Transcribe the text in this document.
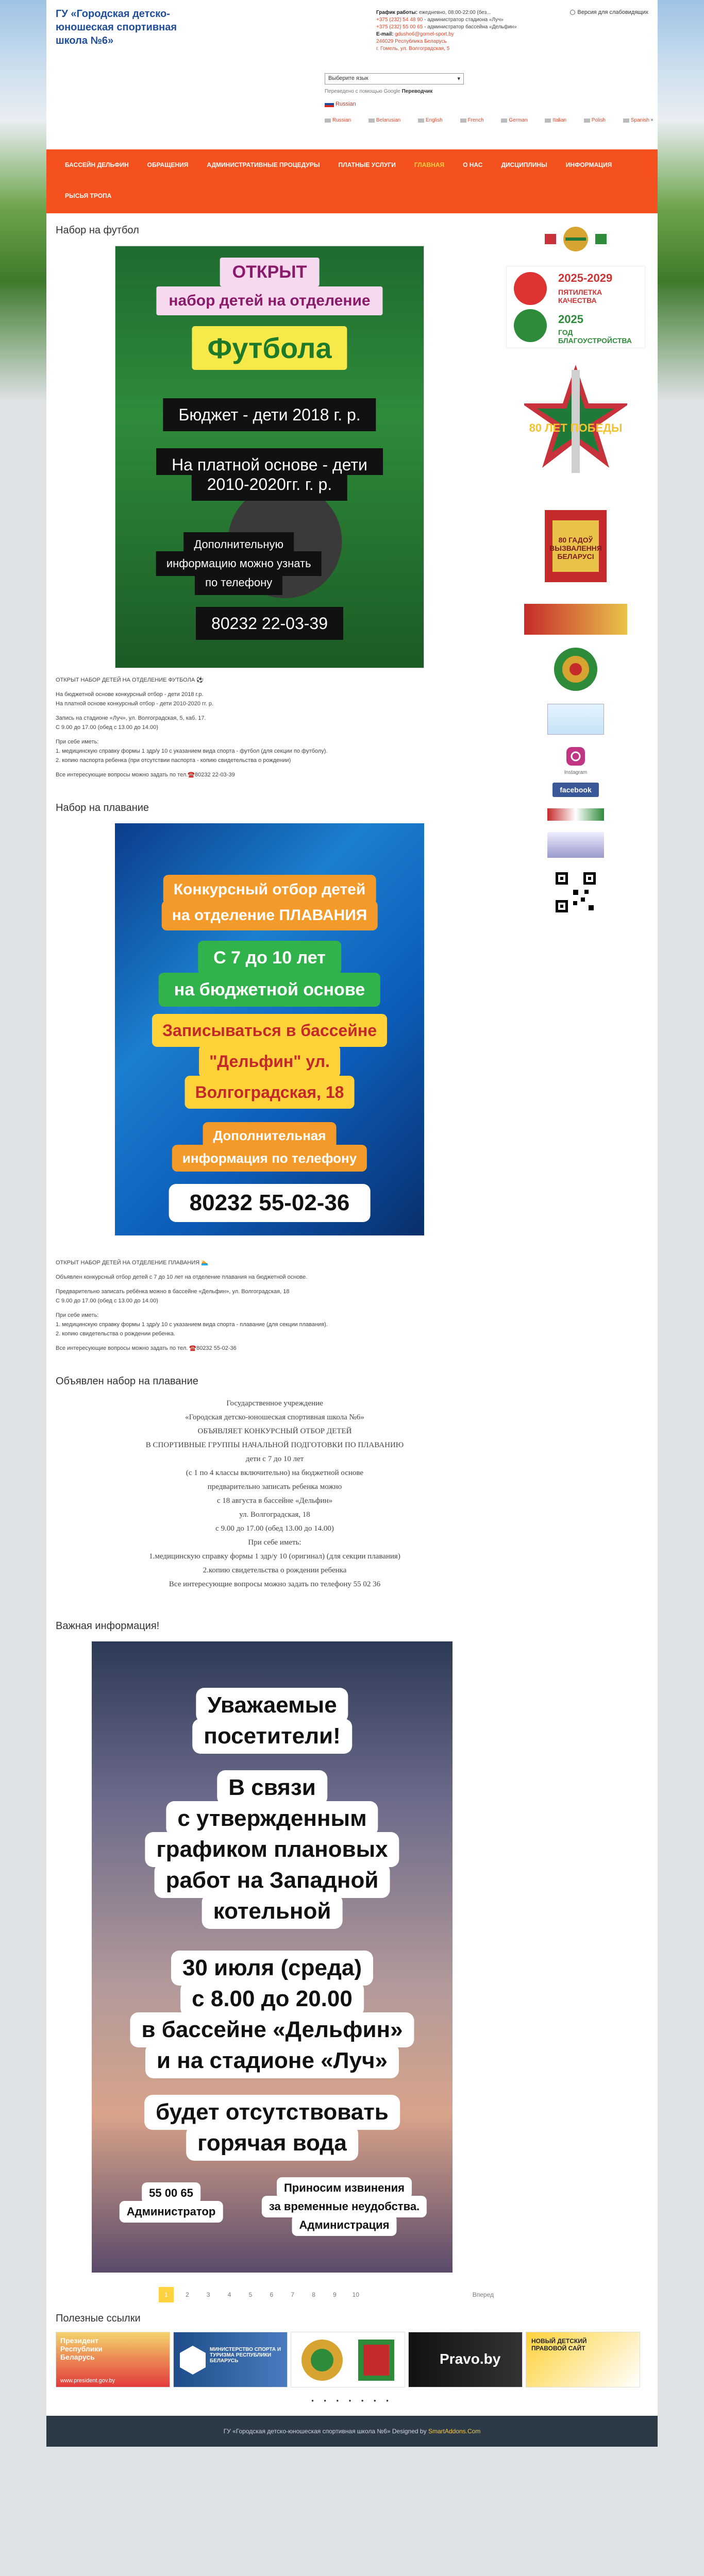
ГУ «Городская детско-юношеская спортивная школа №6»
График работы: ежедневно, 08:00-22:00 (без...
+375 (232) 54 48 90 - администратор стадиона «Луч»
+375 (232) 55 00 65 - администратор бассейна «Дельфин»
E-mail: gdusho6@gomel-sport.by
246029 Республика Беларусь
г. Гомель, ул. Волгоградская, 5
Версия для слабовидящих
Выберите язык ▾
Переведено с помощью Google Переводчик
Russian
Russian	Belarusian	English	French	German	Italian	Polish	Spanish ×
БАССЕЙН ДЕЛЬФИН	ОБРАЩЕНИЯ	АДМИНИСТРАТИВНЫЕ ПРОЦЕДУРЫ	ПЛАТНЫЕ УСЛУГИ	ГЛАВНАЯ	О НАС	ДИСЦИПЛИНЫ	ИНФОРМАЦИЯ
РЫСЬЯ ТРОПА
Набор на футбол
ОТКРЫТ
набор детей на отделение
Футбола
Бюджет - дети 2018 г. р.
На платной основе - дети
2010-2020гг. г. р.
Дополнительную
информацию можно узнать
по телефону
80232 22-03-39

ОТКРЫТ НАБОР ДЕТЕЙ НА ОТДЕЛЕНИЕ ФУТБОЛА ⚽

На бюджетной основе конкурсный отбор - дети 2018 г.р.
На платной основе конкурсный отбор - дети 2010-2020 гг. р.

Запись на стадионе «Луч», ул. Волгоградская, 5, каб. 17.
С 9.00 до 17.00 (обед с 13.00 до 14.00)

При себе иметь:
1. медицинскую справку формы 1 здр/у 10 с указанием вида спорта - футбол (для секции по футболу).
2. копию паспорта ребенка (при отсутствии паспорта - копию свидетельства о рождении)

Все интересующие вопросы можно задать по тел.☎️80232 22-03-39

Набор на плавание
Конкурсный отбор детей
на отделение ПЛАВАНИЯ
С 7 до 10 лет
на бюджетной основе
Записываться в бассейне
"Дельфин" ул.
Волгоградская, 18
Дополнительная
информация по телефону
80232 55-02-36

ОТКРЫТ НАБОР ДЕТЕЙ НА ОТДЕЛЕНИЕ ПЛАВАНИЯ 🏊

Объявлен конкурсный отбор детей с 7 до 10 лет на отделение плавания на бюджетной основе.

Предварительно записать ребёнка можно в бассейне «Дельфин», ул. Волгоградская, 18
С 9.00 до 17.00 (обед с 13.00 до 14.00)

При себе иметь:
1. медицинскую справку формы 1 здр/у 10 с указанием вида спорта - плавание (для секции плавания).
2. копию свидетельства о рождении ребенка.

Все интересующие вопросы можно задать по тел. ☎️80232 55-02-36

Объявлен набор на плавание
Государственное учреждение
«Городская детско-юношеская спортивная школа №6»
ОБЪЯВЛЯЕТ КОНКУРСНЫЙ ОТБОР ДЕТЕЙ
В СПОРТИВНЫЕ ГРУППЫ НАЧАЛЬНОЙ ПОДГОТОВКИ ПО ПЛАВАНИЮ
дети с 7 до 10 лет
(с 1 по 4 классы включительно) на бюджетной основе
предварительно записать ребенка можно
с 18 августа в бассейне «Дельфин»
ул. Волгоградская, 18
с 9.00 до 17.00 (обед 13.00 до 14.00)
При себе иметь:
1.медицинскую справку формы 1 здр/у 10 (оригинал) (для секции плавания)
2.копию свидетельства о рождении ребенка
Все интересующие вопросы можно задать по телефону 55 02 36
Важная информация!
Уважаемые
посетители!
В связи
с утвержденным
графиком плановых
работ на Западной
котельной
30 июля (среда)
с 8.00 до 20.00
в бассейне «Дельфин»
и на стадионе «Луч»
будет отсутствовать
горячая вода
55 00 65
Администратор
Приносим извинения
за временные неудобства.
Администрация
1	2	3	4	5	6	7	8	9	10	Вперед
2025-2029
ПЯТИЛЕТКА КАЧЕСТВА
2025
ГОД БЛАГОУСТРОЙСТВА
80 ЛЕТ ПОБЕДЫ
80 ГАДОЎ ВЫЗВАЛЕННЯ БЕЛАРУСІ
Instagram
facebook
Полезные ссылки
Президент Республики Беларусь
www.president.gov.by
МИНИСТЕРСТВО СПОРТА И ТУРИЗМА РЕСПУБЛИКИ БЕЛАРУСЬ	Pravo.by
НОВЫЙ ДЕТСКИЙ ПРАВОВОЙ САЙТ
• • • • • • •
ГУ «Городская детско-юношеская спортивная школа №6» Designed by SmartAddons.Com
